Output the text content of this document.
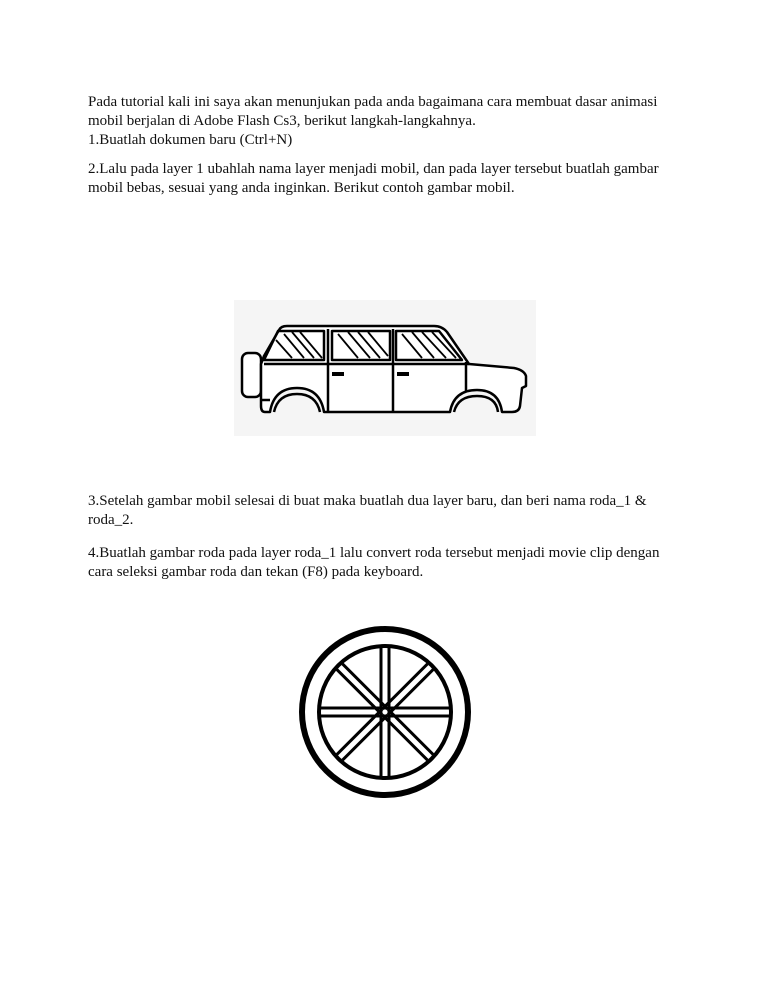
Pada tutorial kali ini saya akan menunjukan pada anda bagaimana cara membuat dasar animasi
mobil berjalan di Adobe Flash Cs3, berikut langkah-langkahnya.
1.Buatlah dokumen baru (Ctrl+N)

2.Lalu pada layer 1 ubahlah nama layer menjadi mobil, dan pada layer tersebut buatlah gambar
mobil bebas, sesuai yang anda inginkan. Berikut contoh gambar mobil.

3.Setelah gambar mobil selesai di buat maka buatlah dua layer baru, dan beri nama roda_1 &
roda_2.

4.Buatlah gambar roda pada layer roda_1 lalu convert roda tersebut menjadi movie clip dengan
cara seleksi gambar roda dan tekan (F8) pada keyboard.
